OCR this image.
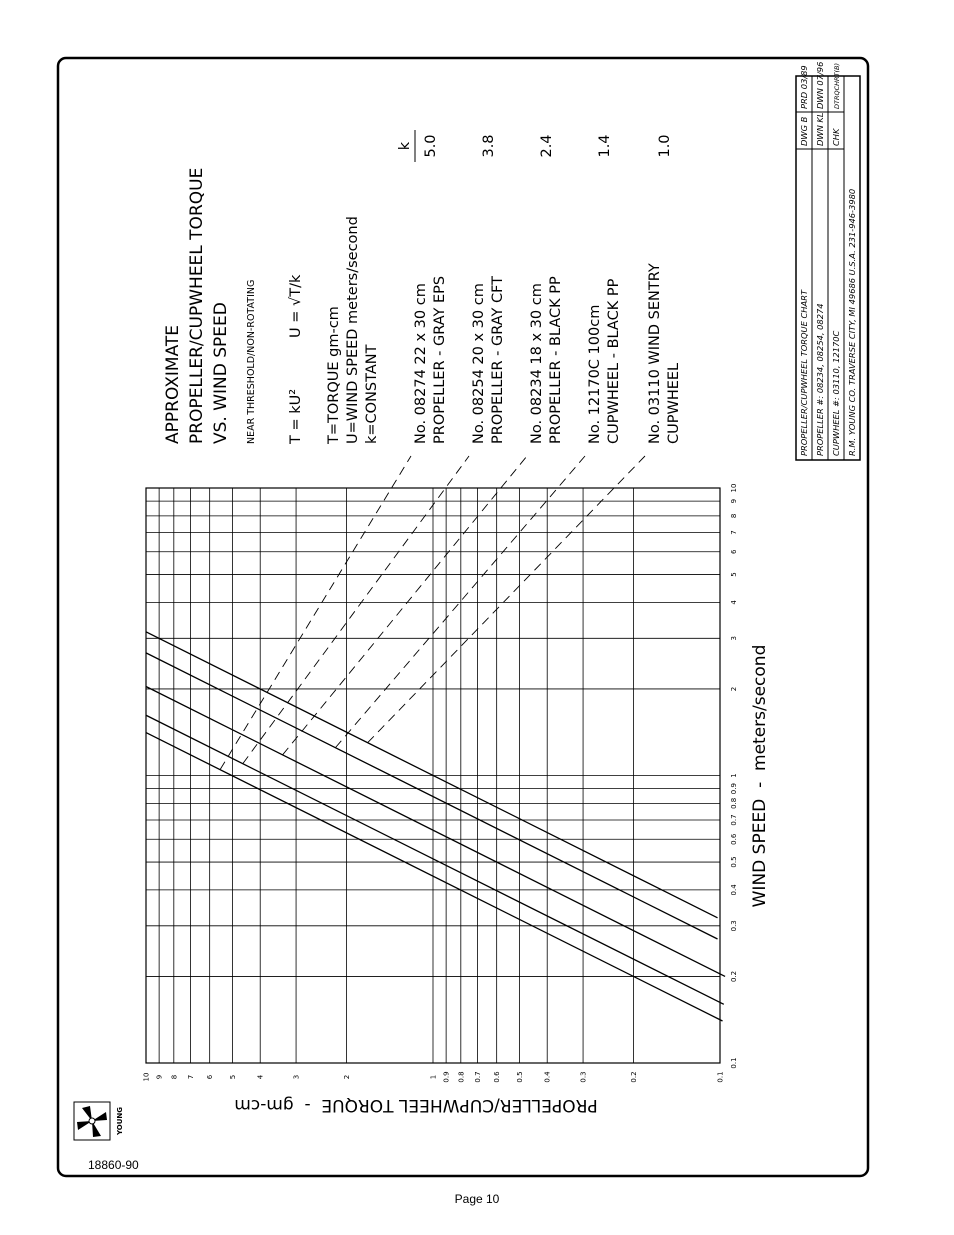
0.1
0.2
0.3
0.4
0.5
0.6
0.7
0.8
0.9
1
2
3
4
5
6
7
8
9
10
0.1
0.2
0.3
0.4
0.5
0.6
0.7
0.8
0.9
1
2
3
4
5
6
7
8
9
10
WIND SPEED  -  meters/second
PROPELLER/CUPWHEEL TORQUE  -  gm-cm
APPROXIMATE PROPELLER/CUPWHEEL TORQUE VS. WIND SPEED NEAR THRESHOLD/NON-ROTATING T = kU²
U = √T/k T=TORQUE gm-cm U=WIND SPEED meters/second k=CONSTANT
k
No. 08274 22 x 30 cm PROPELLER - GRAY EPS
5.0
No. 08254 20 x 30 cm PROPELLER - GRAY CFT
3.8
No. 08234 18 x 30 cm PROPELLER - BLACK PP
2.4
No. 12170C 100cm CUPWHEEL - BLACK PP
1.4
No. 03110 WIND SENTRY CUPWHEEL
1.0
PROPELLER/CUPWHEEL TORQUE CHART PROPELLER #: 08234, 08254, 08274 CUPWHEEL #: 03110, 12170C R.M. YOUNG CO. TRAVERSE CITY, MI 49686 U.S.A. 231-946-3980
DWG B DWN KL CHK
PRD 03/89 DWN 07/96 DTRQCHRT(B)
YOUNG
18860-90
Page 10
